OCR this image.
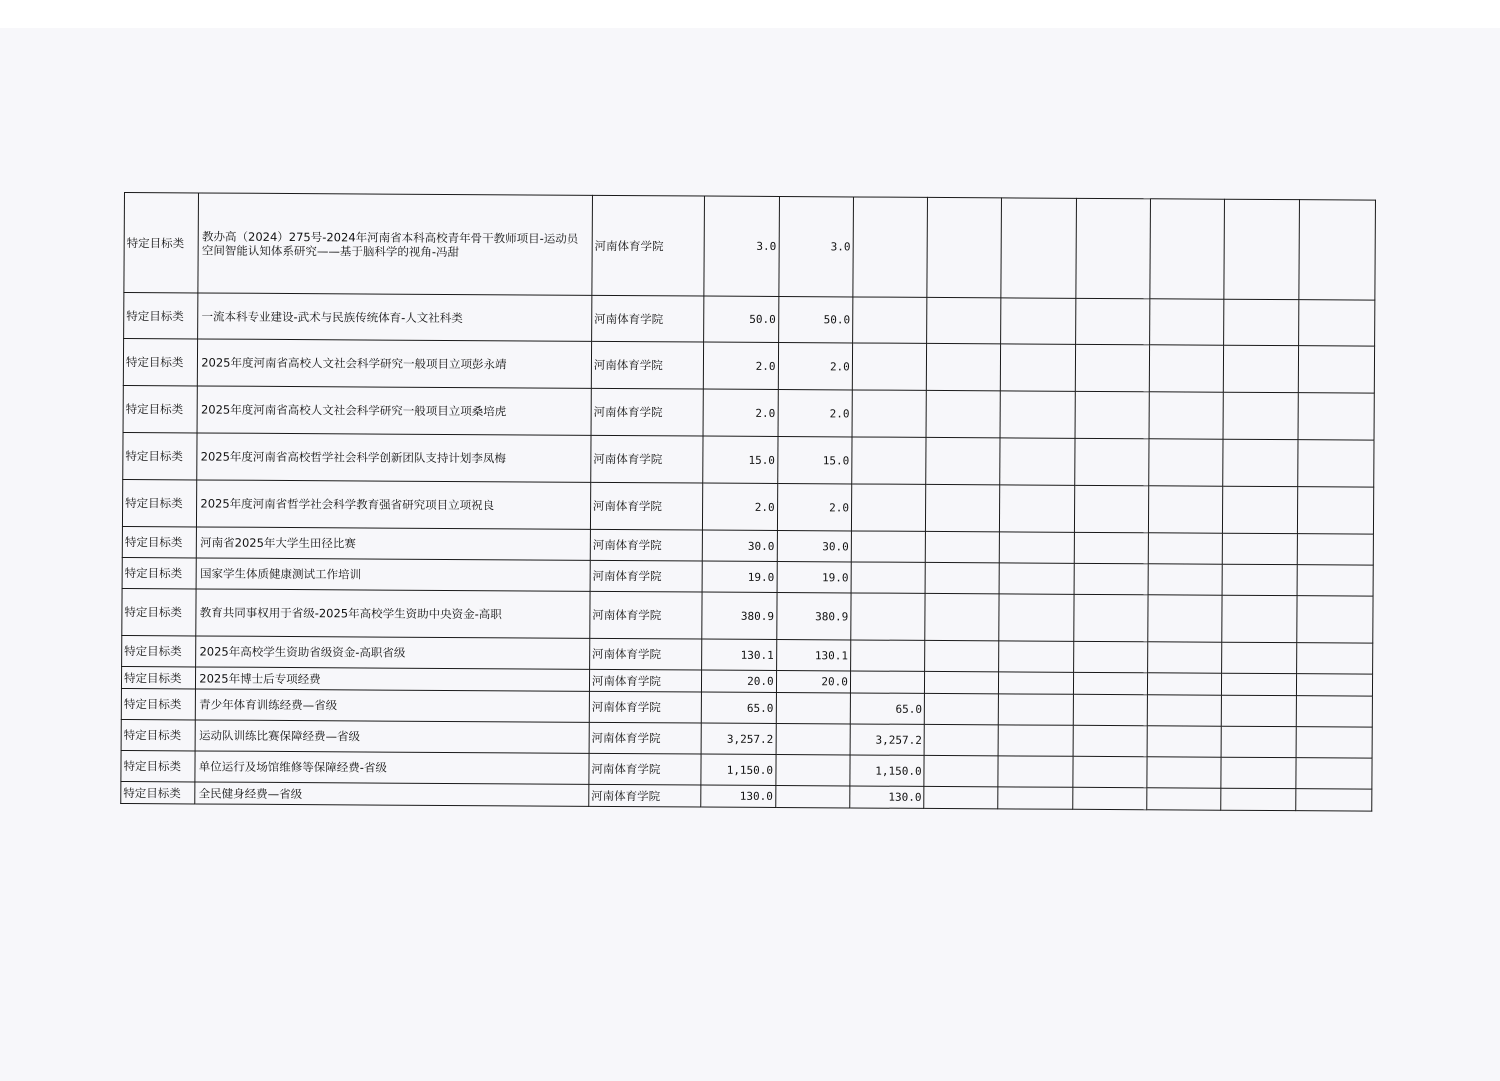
特定目标类	教办高（2024）275号-2024年河南省本科高校青年骨干教师项目-运动员空间智能认知体系研究——基于脑科学的视角-冯甜	河南体育学院	3.0	3.0							
特定目标类	一流本科专业建设-武术与民族传统体育-人文社科类	河南体育学院	50.0	50.0							
特定目标类	2025年度河南省高校人文社会科学研究一般项目立项彭永靖	河南体育学院	2.0	2.0							
特定目标类	2025年度河南省高校人文社会科学研究一般项目立项桑培虎	河南体育学院	2.0	2.0							
特定目标类	2025年度河南省高校哲学社会科学创新团队支持计划李凤梅	河南体育学院	15.0	15.0							
特定目标类	2025年度河南省哲学社会科学教育强省研究项目立项祝良	河南体育学院	2.0	2.0							
特定目标类	河南省2025年大学生田径比赛	河南体育学院	30.0	30.0							
特定目标类	国家学生体质健康测试工作培训	河南体育学院	19.0	19.0							
特定目标类	教育共同事权用于省级-2025年高校学生资助中央资金-高职	河南体育学院	380.9	380.9							
特定目标类	2025年高校学生资助省级资金-高职省级	河南体育学院	130.1	130.1							
特定目标类	2025年博士后专项经费	河南体育学院	20.0	20.0							
特定目标类	青少年体育训练经费—省级	河南体育学院	65.0		65.0						
特定目标类	运动队训练比赛保障经费—省级	河南体育学院	3,257.2		3,257.2						
特定目标类	单位运行及场馆维修等保障经费-省级	河南体育学院	1,150.0		1,150.0						
特定目标类	全民健身经费—省级	河南体育学院	130.0		130.0						
